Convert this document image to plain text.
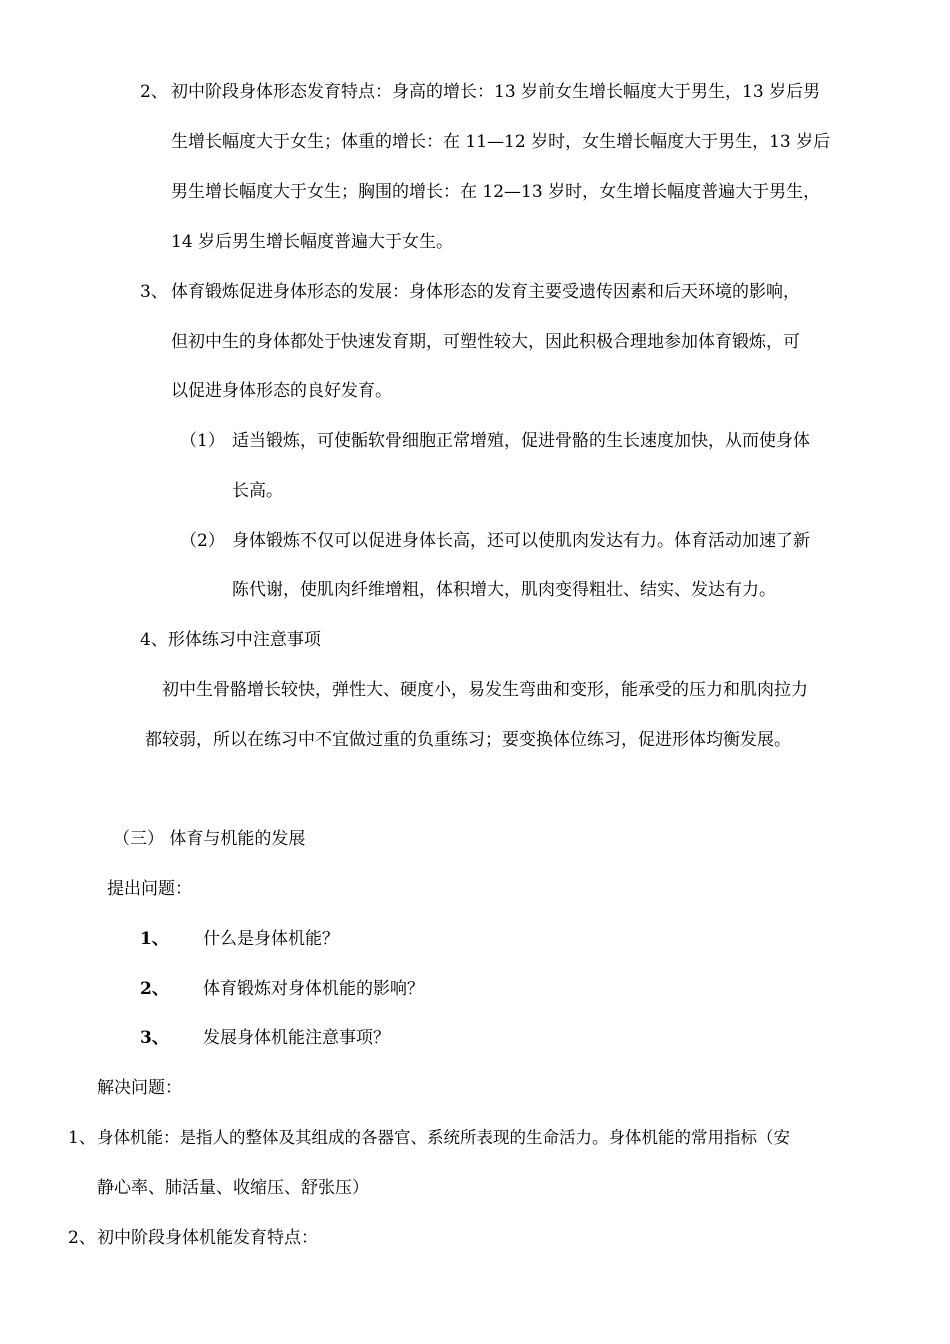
2、 初中阶段身体形态发育特点：身高的增长：13 岁前女生增长幅度大于男生，13 岁后男
生增长幅度大于女生；体重的增长：在 11—12 岁时，女生增长幅度大于男生，13 岁后
男生增长幅度大于女生；胸围的增长：在 12—13 岁时，女生增长幅度普遍大于男生，
14 岁后男生增长幅度普遍大于女生。
3、 体育锻炼促进身体形态的发展：身体形态的发育主要受遗传因素和后天环境的影响，
但初中生的身体都处于快速发育期，可塑性较大，因此积极合理地参加体育锻炼，可
以促进身体形态的良好发育。
（1） 适当锻炼，可使骺软骨细胞正常增殖，促进骨骼的生长速度加快，从而使身体
长高。
（2） 身体锻炼不仅可以促进身体长高，还可以使肌肉发达有力。体育活动加速了新
陈代谢，使肌肉纤维增粗，体积增大，肌肉变得粗壮、结实、发达有力。
4、形体练习中注意事项
初中生骨骼增长较快，弹性大、硬度小，易发生弯曲和变形，能承受的压力和肌肉拉力
都较弱，所以在练习中不宜做过重的负重练习；要变换体位练习，促进形体均衡发展。
（三） 体育与机能的发展
提出问题：
1、 什么是身体机能？
2、 体育锻炼对身体机能的影响？
3、 发展身体机能注意事项？
解决问题：
1、 身体机能：是指人的整体及其组成的各器官、系统所表现的生命活力。身体机能的常用指标（安
静心率、肺活量、收缩压、舒张压）
2、 初中阶段身体机能发育特点：
